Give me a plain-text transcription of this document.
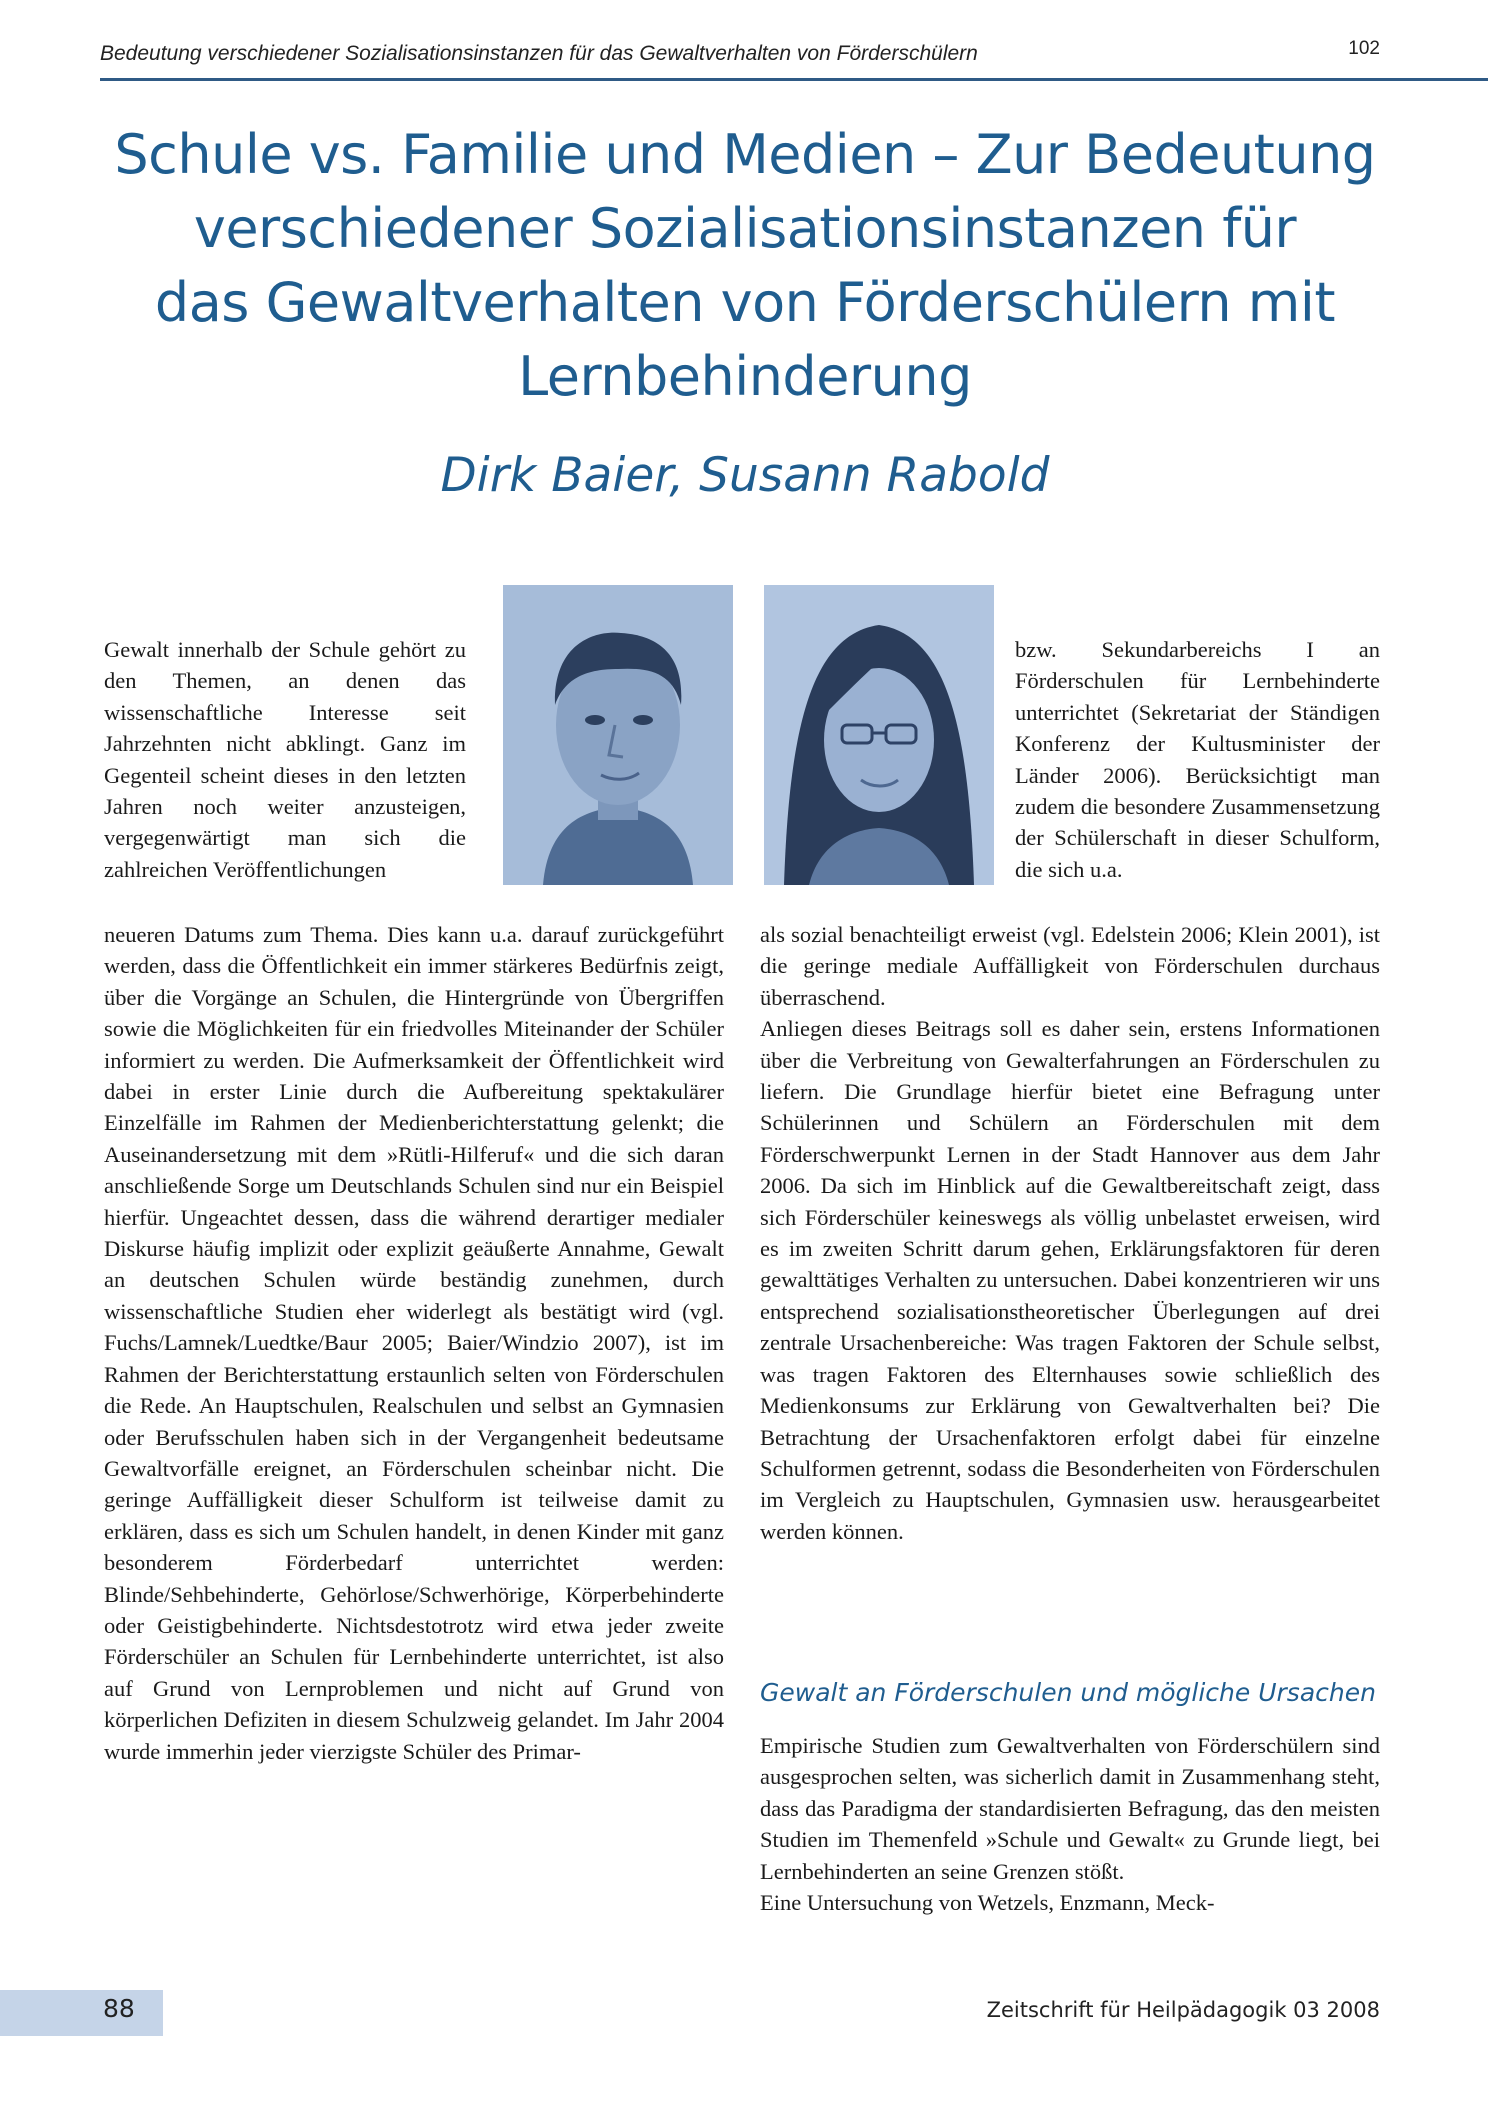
Bedeutung verschiedener Sozialisationsinstanzen für das Gewaltverhalten von Förderschülern	102
Schule vs. Familie und Medien – Zur Bedeutung
verschiedener Sozialisationsinstanzen für
das Gewaltverhalten von Förderschülern mit
Lernbehinderung
Dirk Baier, Susann Rabold

Gewalt innerhalb der Schule gehört zu den Themen, an denen das wissenschaftliche Interesse seit Jahrzehnten nicht abklingt. Ganz im Gegenteil scheint dieses in den letzten Jahren noch weiter anzusteigen, vergegenwärtigt man sich die zahlreichen Veröffentlichungen

neueren Datums zum Thema. Dies kann u.a. darauf zurückgeführt werden, dass die Öffentlichkeit ein immer stärkeres Bedürfnis zeigt, über die Vorgänge an Schulen, die Hintergründe von Übergriffen sowie die Möglichkeiten für ein friedvolles Miteinander der Schüler informiert zu werden. Die Aufmerksamkeit der Öffentlichkeit wird dabei in erster Linie durch die Aufbereitung spektakulärer Einzelfälle im Rahmen der Medienberichterstattung gelenkt; die Auseinandersetzung mit dem »Rütli-Hilferuf« und die sich daran anschließende Sorge um Deutschlands Schulen sind nur ein Beispiel hierfür. Ungeachtet dessen, dass die während derartiger medialer Diskurse häufig implizit oder explizit geäußerte Annahme, Gewalt an deutschen Schulen würde beständig zunehmen, durch wissenschaftliche Studien eher widerlegt als bestätigt wird (vgl. Fuchs/Lamnek/Luedtke/Baur 2005; Baier/Windzio 2007), ist im Rahmen der Berichterstattung erstaunlich selten von Förderschulen die Rede. An Hauptschulen, Realschulen und selbst an Gymnasien oder Berufsschulen haben sich in der Vergangenheit bedeutsame Gewaltvorfälle ereignet, an Förderschulen scheinbar nicht. Die geringe Auffälligkeit dieser Schulform ist teilweise damit zu erklären, dass es sich um Schulen handelt, in denen Kinder mit ganz besonderem Förderbedarf unterrichtet werden: Blinde/Sehbehinderte, Gehörlose/Schwerhörige, Körperbehinderte oder Geistigbehinderte. Nichtsdestotrotz wird etwa jeder zweite Förderschüler an Schulen für Lernbehinderte unterrichtet, ist also auf Grund von Lernproblemen und nicht auf Grund von körperlichen Defiziten in diesem Schulzweig gelandet. Im Jahr 2004 wurde immerhin jeder vierzigste Schüler des Primar-

bzw. Sekundarbereichs I an Förderschulen für Lernbehinderte unterrichtet (Sekretariat der Ständigen Konferenz der Kultusminister der Länder 2006). Berücksichtigt man zudem die besondere Zusammensetzung der Schülerschaft in dieser Schulform, die sich u.a.

als sozial benachteiligt erweist (vgl. Edelstein 2006; Klein 2001), ist die geringe mediale Auffälligkeit von Förderschulen durchaus überraschend.

Anliegen dieses Beitrags soll es daher sein, erstens Informationen über die Verbreitung von Gewalterfahrungen an Förderschulen zu liefern. Die Grundlage hierfür bietet eine Befragung unter Schülerinnen und Schülern an Förderschulen mit dem Förderschwerpunkt Lernen in der Stadt Hannover aus dem Jahr 2006. Da sich im Hinblick auf die Gewaltbereitschaft zeigt, dass sich Förderschüler keineswegs als völlig unbelastet erweisen, wird es im zweiten Schritt darum gehen, Erklärungsfaktoren für deren gewalttätiges Verhalten zu untersuchen. Dabei konzentrieren wir uns entsprechend sozialisationstheoretischer Überlegungen auf drei zentrale Ursachenbereiche: Was tragen Faktoren der Schule selbst, was tragen Faktoren des Elternhauses sowie schließlich des Medienkonsums zur Erklärung von Gewaltverhalten bei? Die Betrachtung der Ursachenfaktoren erfolgt dabei für einzelne Schulformen getrennt, sodass die Besonderheiten von Förderschulen im Vergleich zu Hauptschulen, Gymnasien usw. herausgearbeitet werden können.

Gewalt an Förderschulen und mögliche Ursachen

Empirische Studien zum Gewaltverhalten von Förderschülern sind ausgesprochen selten, was sicherlich damit in Zusammenhang steht, dass das Paradigma der standardisierten Befragung, das den meisten Studien im Themenfeld »Schule und Gewalt« zu Grunde liegt, bei Lernbehinderten an seine Grenzen stößt.

Eine Untersuchung von Wetzels, Enzmann, Meck-

88	Zeitschrift für Heilpädagogik 03 2008
